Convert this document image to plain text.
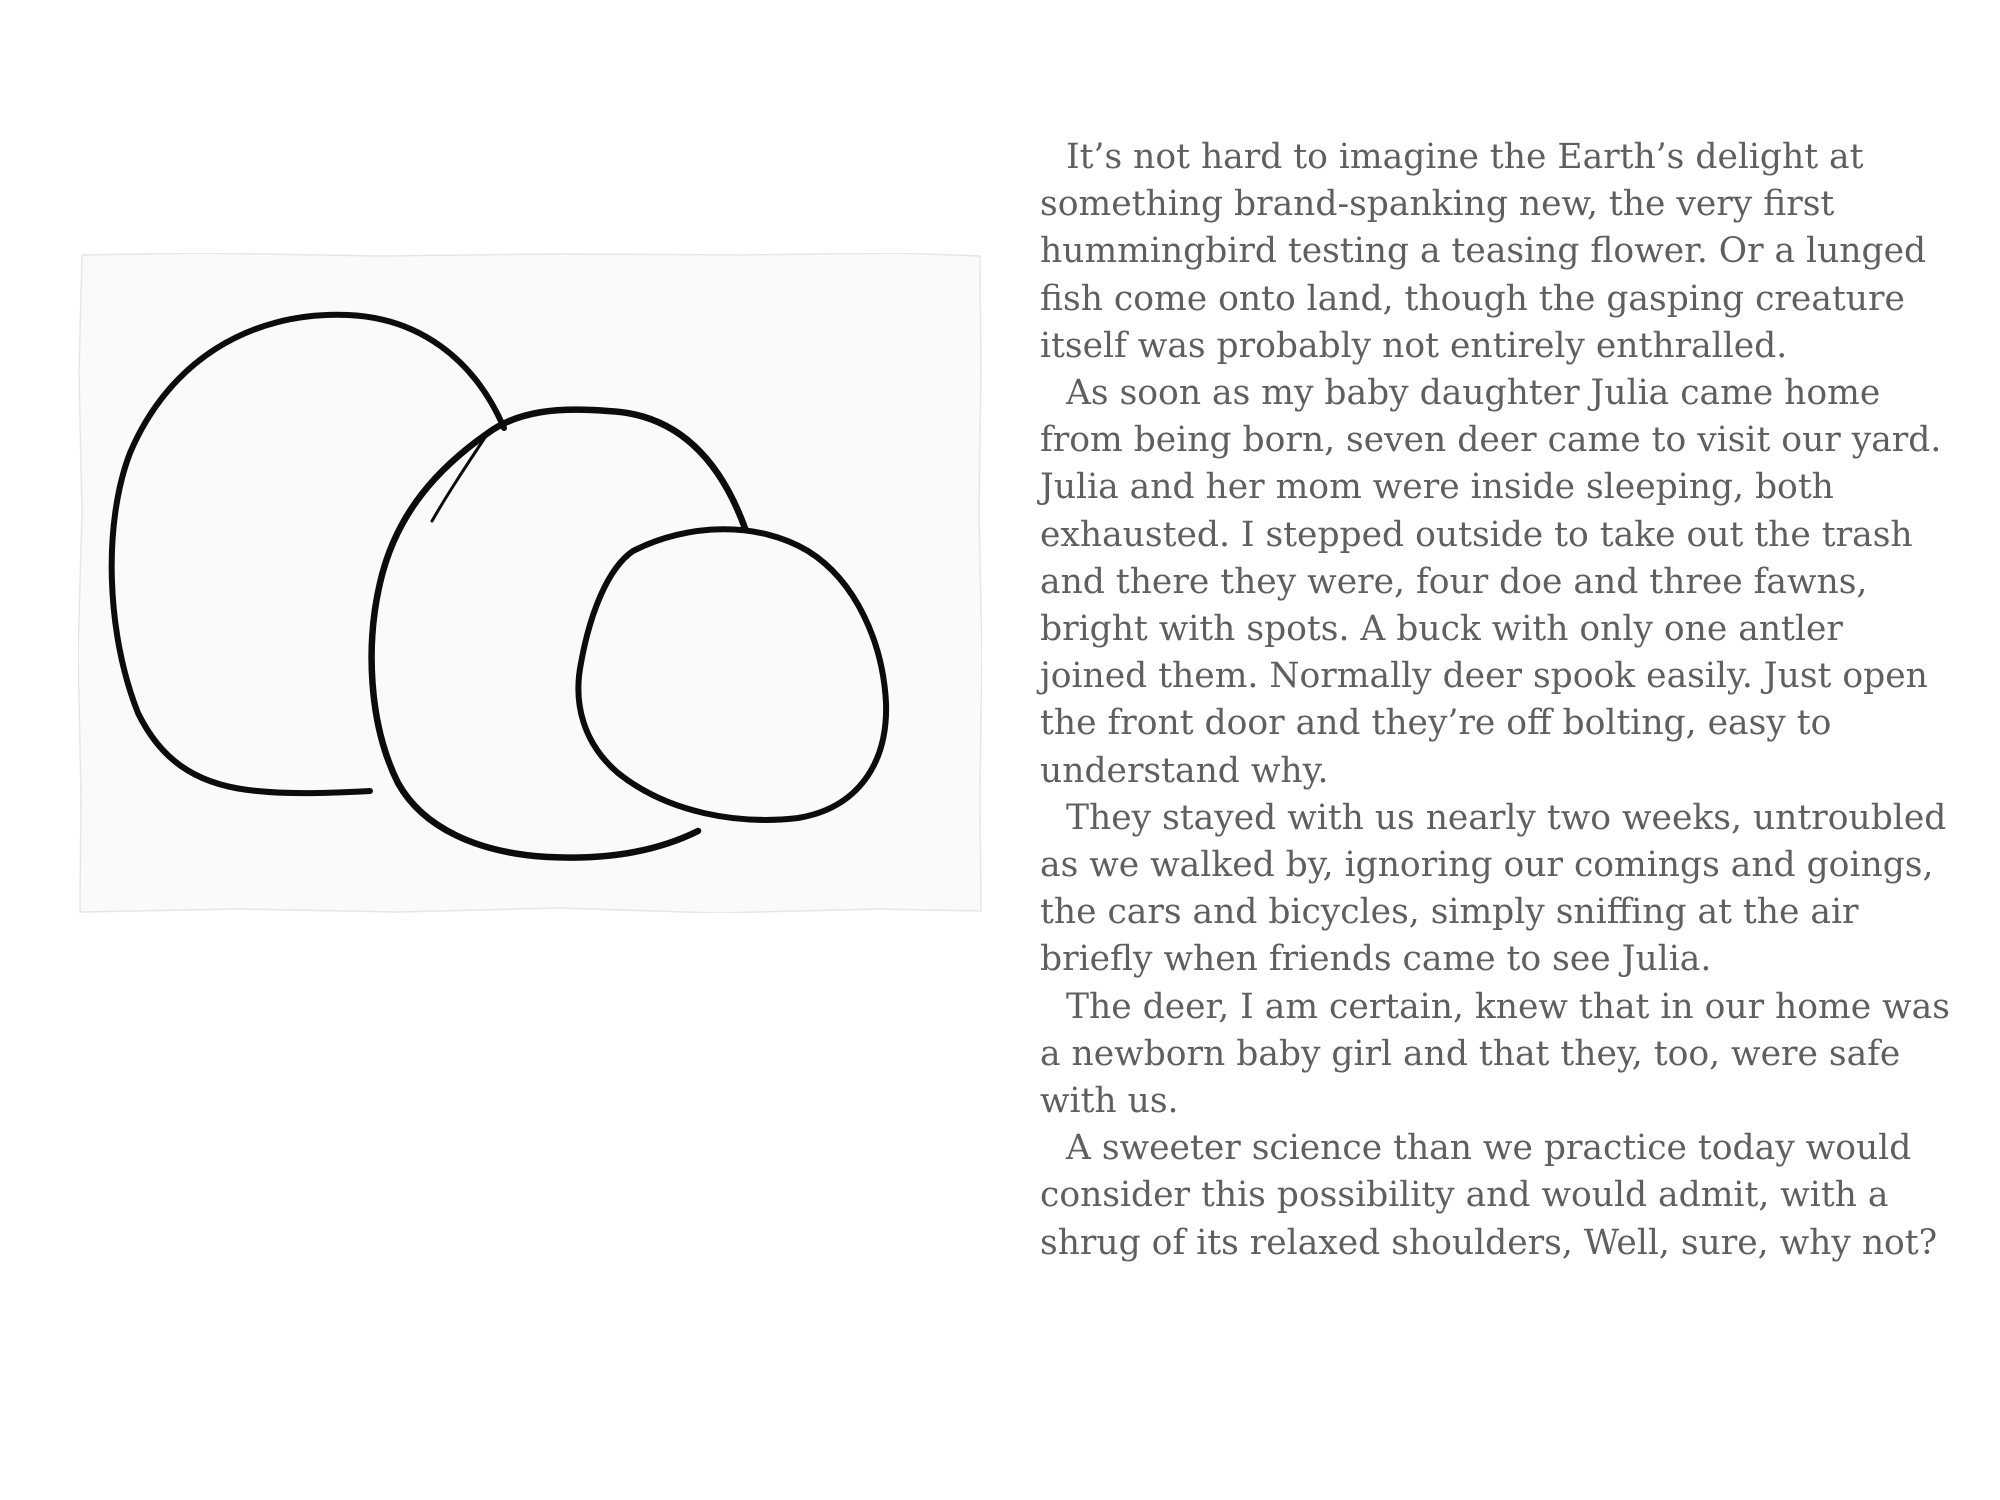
It’s not hard to imagine the Earth’s delight at something brand-spanking new, the very first hummingbird testing a teasing flower. Or a lunged fish come onto land, though the gasping creature itself was probably not entirely enthralled.

As soon as my baby daughter Julia came home from being born, seven deer came to visit our yard. Julia and her mom were inside sleeping, both exhausted. I stepped outside to take out the trash and there they were, four doe and three fawns, bright with spots. A buck with only one antler joined them. Normally deer spook easily. Just open the front door and they’re off bolting, easy to understand why.

They stayed with us nearly two weeks, untroubled as we walked by, ignoring our comings and goings, the cars and bicycles, simply sniffing at the air briefly when friends came to see Julia.

The deer, I am certain, knew that in our home was a newborn baby girl and that they, too, were safe with us.

A sweeter science than we practice today would consider this possibility and would admit, with a shrug of its relaxed shoulders, Well, sure, why not?
